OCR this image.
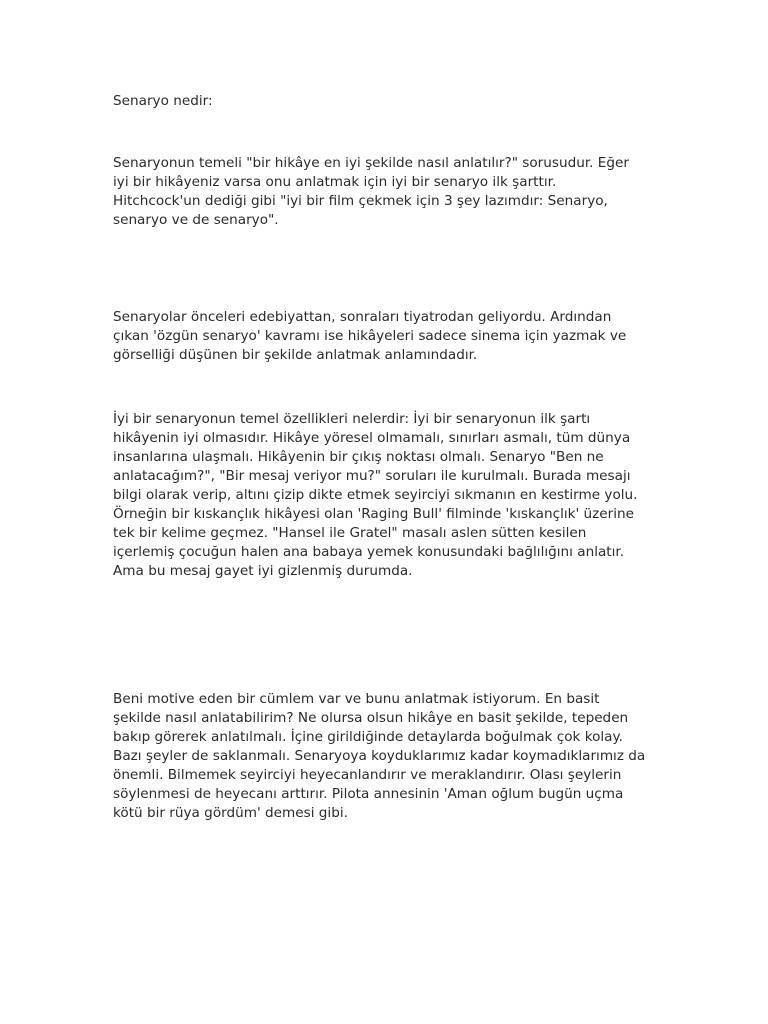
Senaryo nedir:

Senaryonun temeli "bir hikâye en iyi şekilde nasıl anlatılır?" sorusudur. Eğer
iyi bir hikâyeniz varsa onu anlatmak için iyi bir senaryo ilk şarttır.
Hitchcock'un dediği gibi "iyi bir film çekmek için 3 şey lazımdır: Senaryo,
senaryo ve de senaryo".

Senaryolar önceleri edebiyattan, sonraları tiyatrodan geliyordu. Ardından
çıkan 'özgün senaryo' kavramı ise hikâyeleri sadece sinema için yazmak ve
görselliği düşünen bir şekilde anlatmak anlamındadır.

İyi bir senaryonun temel özellikleri nelerdir: İyi bir senaryonun ilk şartı
hikâyenin iyi olmasıdır. Hikâye yöresel olmamalı, sınırları asmalı, tüm dünya
insanlarına ulaşmalı. Hikâyenin bir çıkış noktası olmalı. Senaryo "Ben ne
anlatacağım?", "Bir mesaj veriyor mu?" soruları ile kurulmalı. Burada mesajı
bilgi olarak verip, altını çizip dikte etmek seyirciyi sıkmanın en kestirme yolu.
Örneğin bir kıskançlık hikâyesi olan 'Raging Bull' filminde 'kıskançlık' üzerine
tek bir kelime geçmez. "Hansel ile Gratel" masalı aslen sütten kesilen
içerlemiş çocuğun halen ana babaya yemek konusundaki bağlılığını anlatır.
Ama bu mesaj gayet iyi gizlenmiş durumda.

Beni motive eden bir cümlem var ve bunu anlatmak istiyorum. En basit
şekilde nasıl anlatabilirim? Ne olursa olsun hikâye en basit şekilde, tepeden
bakıp görerek anlatılmalı. İçine girildiğinde detaylarda boğulmak çok kolay.
Bazı şeyler de saklanmalı. Senaryoya koyduklarımız kadar koymadıklarımız da
önemli. Bilmemek seyirciyi heyecanlandırır ve meraklandırır. Olası şeylerin
söylenmesi de heyecanı arttırır. Pilota annesinin 'Aman oğlum bugün uçma
kötü bir rüya gördüm' demesi gibi.
